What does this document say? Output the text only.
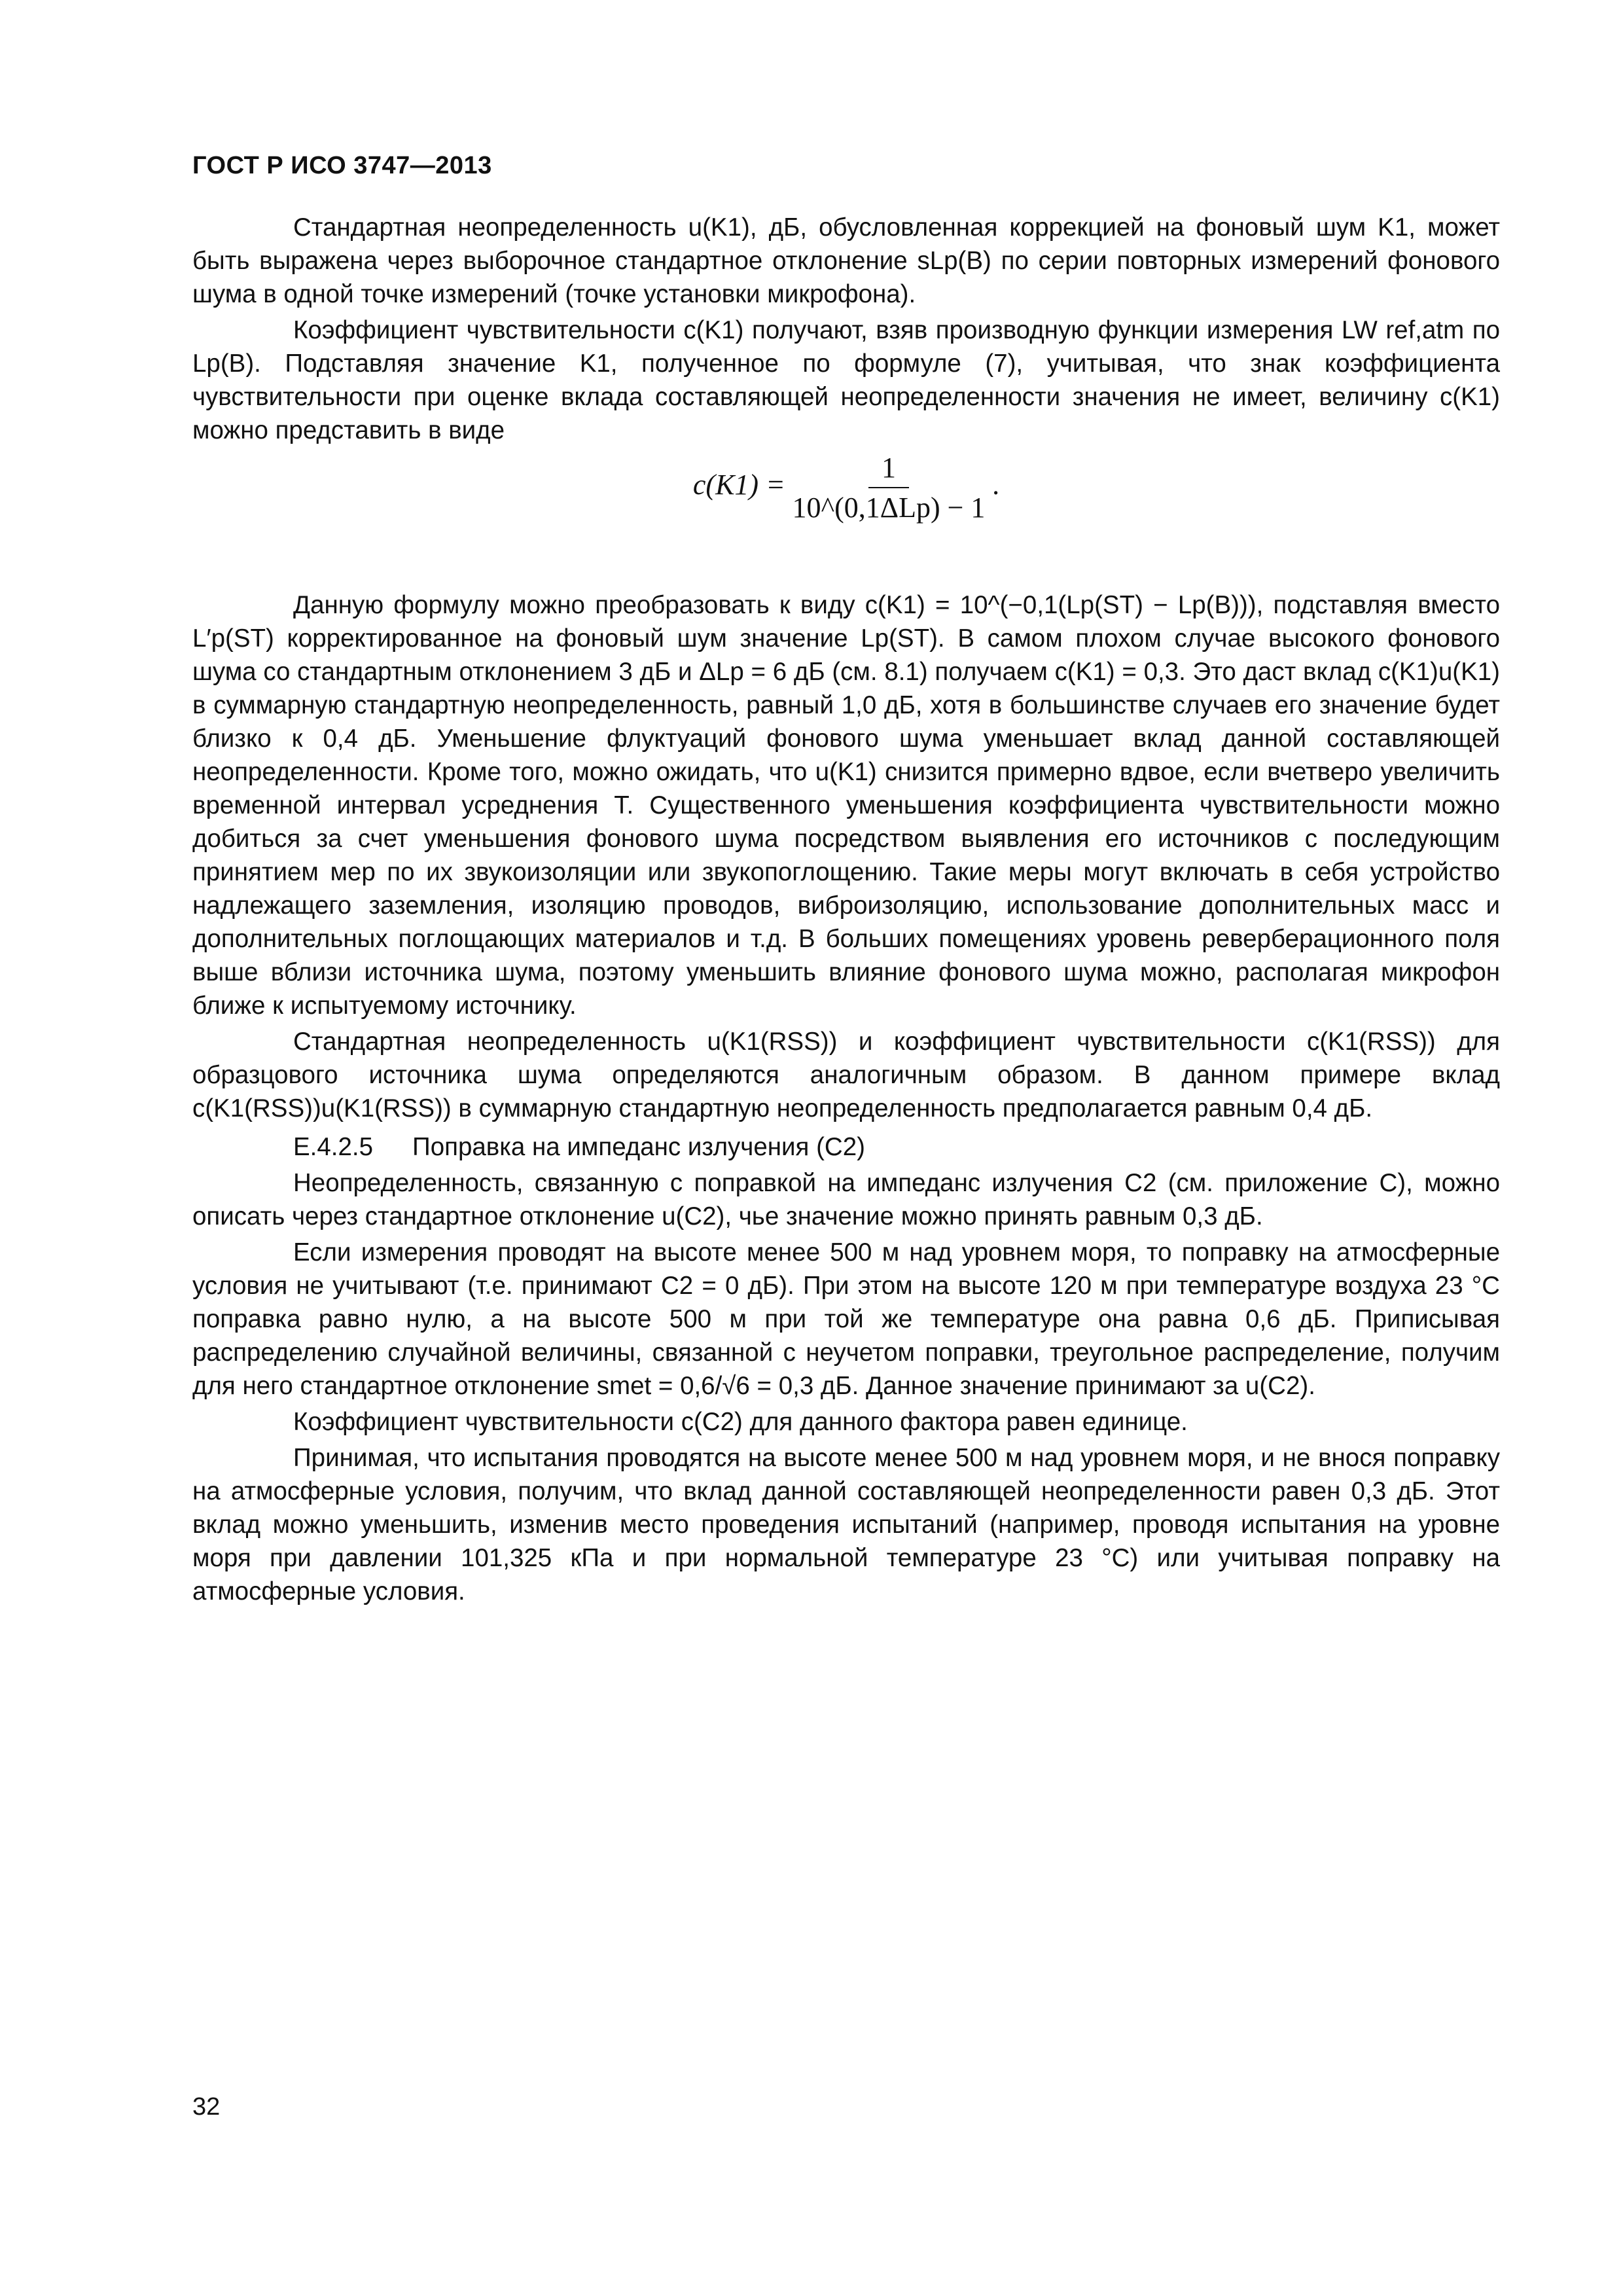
ГОСТ Р ИСО 3747—2013

Стандартная неопределенность u(K1), дБ, обусловленная коррекцией на фоновый шум K1, может быть выражена через выборочное стандартное отклонение sLp(B) по серии повторных измерений фонового шума в одной точке измерений (точке установки микрофона).

Коэффициент чувствительности c(K1) получают, взяв производную функции измерения LW ref,atm по Lp(B). Подставляя значение K1, полученное по формуле (7), учитывая, что знак коэффициента чувствительности при оценке вклада составляющей неопределенности значения не имеет, величину c(K1) можно представить в виде

$c(K1) = \frac{1}{\text{10\textasciicircum{}(0,1ΔLp) − 1}}$ .

Данную формулу можно преобразовать к виду c(K1) = 10^(−0,1(Lp(ST) − Lp(B))), подставляя вместо L′p(ST) корректированное на фоновый шум значение Lp(ST). В самом плохом случае высокого фонового шума со стандартным отклонением 3 дБ и ΔLp = 6 дБ (см. 8.1) получаем c(K1) = 0,3. Это даст вклад c(K1)u(K1) в суммарную стандартную неопределенность, равный 1,0 дБ, хотя в большинстве случаев его значение будет близко к 0,4 дБ. Уменьшение флуктуаций фонового шума уменьшает вклад данной составляющей неопределенности. Кроме того, можно ожидать, что u(K1) снизится примерно вдвое, если вчетверо увеличить временной интервал усреднения T. Существенного уменьшения коэффициента чувствительности можно добиться за счет уменьшения фонового шума посредством выявления его источников с последующим принятием мер по их звукоизоляции или звукопоглощению. Такие меры могут включать в себя устройство надлежащего заземления, изоляцию проводов, виброизоляцию, использование дополнительных масс и дополнительных поглощающих материалов и т.д. В больших помещениях уровень реверберационного поля выше вблизи источника шума, поэтому уменьшить влияние фонового шума можно, располагая микрофон ближе к испытуемому источнику.

Стандартная неопределенность u(K1(RSS)) и коэффициент чувствительности c(K1(RSS)) для образцового источника шума определяются аналогичным образом. В данном примере вклад c(K1(RSS))u(K1(RSS)) в суммарную стандартную неопределенность предполагается равным 0,4 дБ.

E.4.2.5 Поправка на импеданс излучения (C2)

Неопределенность, связанную с поправкой на импеданс излучения C2 (см. приложение С), можно описать через стандартное отклонение u(C2), чье значение можно принять равным 0,3 дБ.

Если измерения проводят на высоте менее 500 м над уровнем моря, то поправку на атмосферные условия не учитывают (т.е. принимают C2 = 0 дБ). При этом на высоте 120 м при температуре воздуха 23 °С поправка равно нулю, а на высоте 500 м при той же температуре она равна 0,6 дБ. Приписывая распределению случайной величины, связанной с неучетом поправки, треугольное распределение, получим для него стандартное отклонение smet = 0,6/√6 = 0,3 дБ. Данное значение принимают за u(C2).

Коэффициент чувствительности c(C2) для данного фактора равен единице.

Принимая, что испытания проводятся на высоте менее 500 м над уровнем моря, и не внося поправку на атмосферные условия, получим, что вклад данной составляющей неопределенности равен 0,3 дБ. Этот вклад можно уменьшить, изменив место проведения испытаний (например, проводя испытания на уровне моря при давлении 101,325 кПа и при нормальной температуре 23 °С) или учитывая поправку на атмосферные условия.

32
